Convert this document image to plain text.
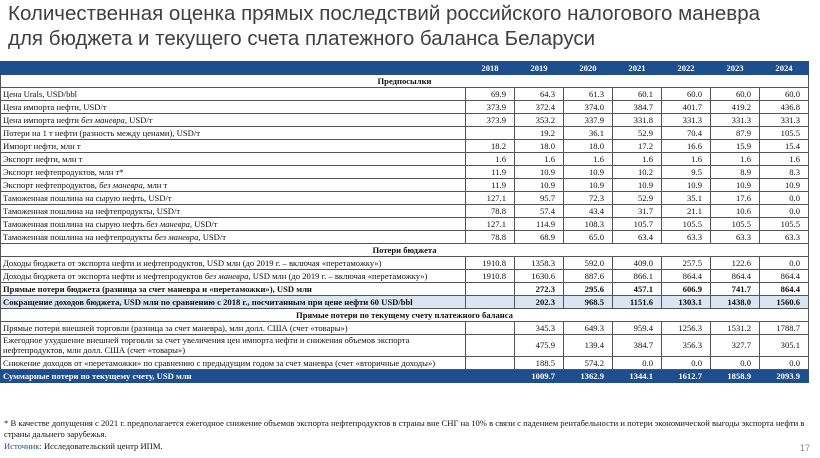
Количественная оценка прямых последствий российского налогового маневра
для бюджета и текущего счета платежного баланса Беларуси
	2018	2019	2020	2021	2022	2023	2024
Предпосылки							
Цена Urals, USD/bbl	69.9	64.3	61.3	60.1	60.0	60.0	60.0
Цена импорта нефти, USD/т	373.9	372.4	374.0	384.7	401.7	419.2	436.8
Цена импорта нефти без маневра, USD/т	373.9	353.2	337.9	331.8	331.3	331.3	331.3
Потери на 1 т нефти (разность между ценами), USD/т		19.2	36.1	52.9	70.4	87.9	105.5
Импорт нефти, млн т	18.2	18.0	18.0	17.2	16.6	15.9	15.4
Экспорт нефти, млн т	1.6	1.6	1.6	1.6	1.6	1.6	1.6
Экспорт нефтепродуктов, млн т*	11.9	10.9	10.9	10.2	9.5	8.9	8.3
Экспорт нефтепродуктов, без маневра, млн т	11.9	10.9	10.9	10.9	10.9	10.9	10.9
Таможенная пошлина на сырую нефть, USD/т	127.1	95.7	72.3	52.9	35.1	17.6	0.0
Таможенная пошлина на нефтепродукты, USD/т	78.8	57.4	43.4	31.7	21.1	10.6	0.0
Таможенная пошлина на сырую нефть без маневра, USD/т	127.1	114.9	108.3	105.7	105.5	105.5	105.5
Таможенная пошлина на нефтепродукты без маневра, USD/т	78.8	68.9	65.0	63.4	63.3	63.3	63.3
Потери бюджета							
Доходы бюджета от экспорта нефти и нефтепродуктов, USD млн (до 2019 г. – включая «перетаможку»)	1910.8	1358.3	592.0	409.0	257.5	122.6	0.0
Доходы бюджета от экспорта нефти и нефтепродуктов без маневра, USD млн (до 2019 г. – включая «перетаможку»)	1910.8	1630.6	887.6	866.1	864.4	864.4	864.4
Прямые потери бюджета (разница за счет маневра и «перетаможки»), USD млн		272.3	295.6	457.1	606.9	741.7	864.4
Сокращение доходов бюджета, USD млн по сравнению с 2018 г., посчитанным при цене нефти 60 USD/bbl		202.3	968.5	1151.6	1303.1	1438.0	1560.6
Прямые потери по текущему счету платежного баланса							
Прямые потери внешней торговли (разница за счет маневра), млн долл. США (счет «товары»)		345.3	649.3	959.4	1256.3	1531.2	1788.7
Ежегодное ухудшение внешней торговли за счет увеличения цен импорта нефти и снижения объемов экспорта нефтепродуктов, млн долл. США (счет «товары»)		475.9	139.4	384.7	356.3	327.7	305.1
Снижение доходов от «перетаможки» по сравнению с предыдущим годом за счет маневра (счет «вторичные доходы»)		188.5	574.2	0.0	0.0	0.0	0.0
Суммарные потери по текущему счету, USD млн		1009.7	1362.9	1344.1	1612.7	1858.9	2093.9
* В качестве допущения с 2021 г. предполагается ежегодное снижение объемов экспорта нефтепродуктов в страны вне СНГ на 10% в связи с падением рентабельности и потери экономической выгоды экспорта нефти в страны дальнего зарубежья.
Источник: Исследовательский центр ИПМ.	17
